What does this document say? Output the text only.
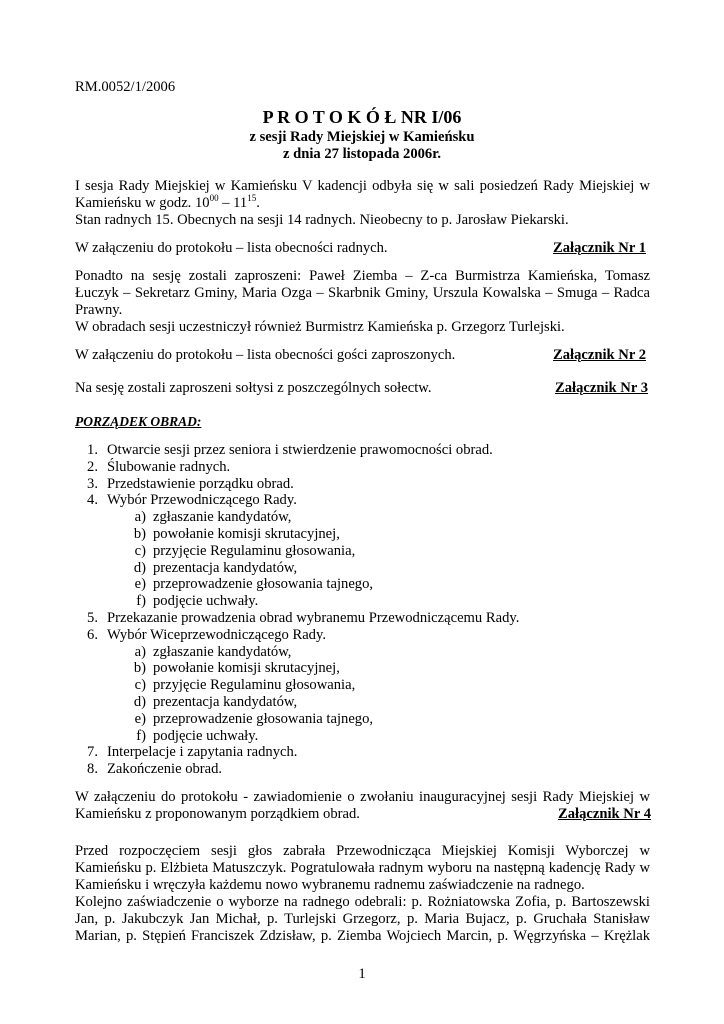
RM.0052/1/2006
P R O T O K Ó Ł NR I/06
z sesji Rady Miejskiej w Kamieńsku
z dnia 27 listopada 2006r.
I sesja Rady Miejskiej w Kamieńsku V kadencji odbyła się w sali posiedzeń Rady Miejskiej w
Kamieńsku w godz. $10^{00} - 11^{15}$.
Stan radnych 15. Obecnych na sesji 14 radnych. Nieobecny to p. Jarosław Piekarski.
W załączeniu do protokołu – lista obecności radnych.	Załącznik Nr 1
Ponadto na sesję zostali zaproszeni: Paweł Ziemba – Z-ca Burmistrza Kamieńska, Tomasz
Łuczyk – Sekretarz Gminy, Maria Ozga – Skarbnik Gminy, Urszula Kowalska – Smuga – Radca
Prawny.
W obradach sesji uczestniczył również Burmistrz Kamieńska p. Grzegorz Turlejski.
W załączeniu do protokołu – lista obecności gości zaproszonych.	Załącznik Nr 2
Na sesję zostali zaproszeni sołtysi z poszczególnych sołectw.	Załącznik Nr 3
PORZĄDEK OBRAD:
1. Otwarcie sesji przez seniora i stwierdzenie prawomocności obrad.
2. Ślubowanie radnych.
3. Przedstawienie porządku obrad.
4. Wybór Przewodniczącego Rady.
a) zgłaszanie kandydatów,
b) powołanie komisji skrutacyjnej,
c) przyjęcie Regulaminu głosowania,
d) prezentacja kandydatów,
e) przeprowadzenie głosowania tajnego,
f) podjęcie uchwały.
5. Przekazanie prowadzenia obrad wybranemu Przewodniczącemu Rady.
6. Wybór Wiceprzewodniczącego Rady.
a) zgłaszanie kandydatów,
b) powołanie komisji skrutacyjnej,
c) przyjęcie Regulaminu głosowania,
d) prezentacja kandydatów,
e) przeprowadzenie głosowania tajnego,
f) podjęcie uchwały.
7. Interpelacje i zapytania radnych.
8. Zakończenie obrad.
W załączeniu do protokołu - zawiadomienie o zwołaniu inauguracyjnej sesji Rady Miejskiej w
Kamieńsku z proponowanym porządkiem obrad.	Załącznik Nr 4
Przed rozpoczęciem sesji głos zabrała Przewodnicząca Miejskiej Komisji Wyborczej w
Kamieńsku p. Elżbieta Matuszczyk. Pogratulowała radnym wyboru na następną kadencję Rady w
Kamieńsku i wręczyła każdemu nowo wybranemu radnemu zaświadczenie na radnego.
Kolejno zaświadczenie o wyborze na radnego odebrali: p. Rożniatowska Zofia, p. Bartoszewski
Jan, p. Jakubczyk Jan Michał, p. Turlejski Grzegorz, p. Maria Bujacz, p. Gruchała Stanisław
Marian, p. Stępień Franciszek Zdzisław, p. Ziemba Wojciech Marcin, p. Węgrzyńska – Krężlak
1
